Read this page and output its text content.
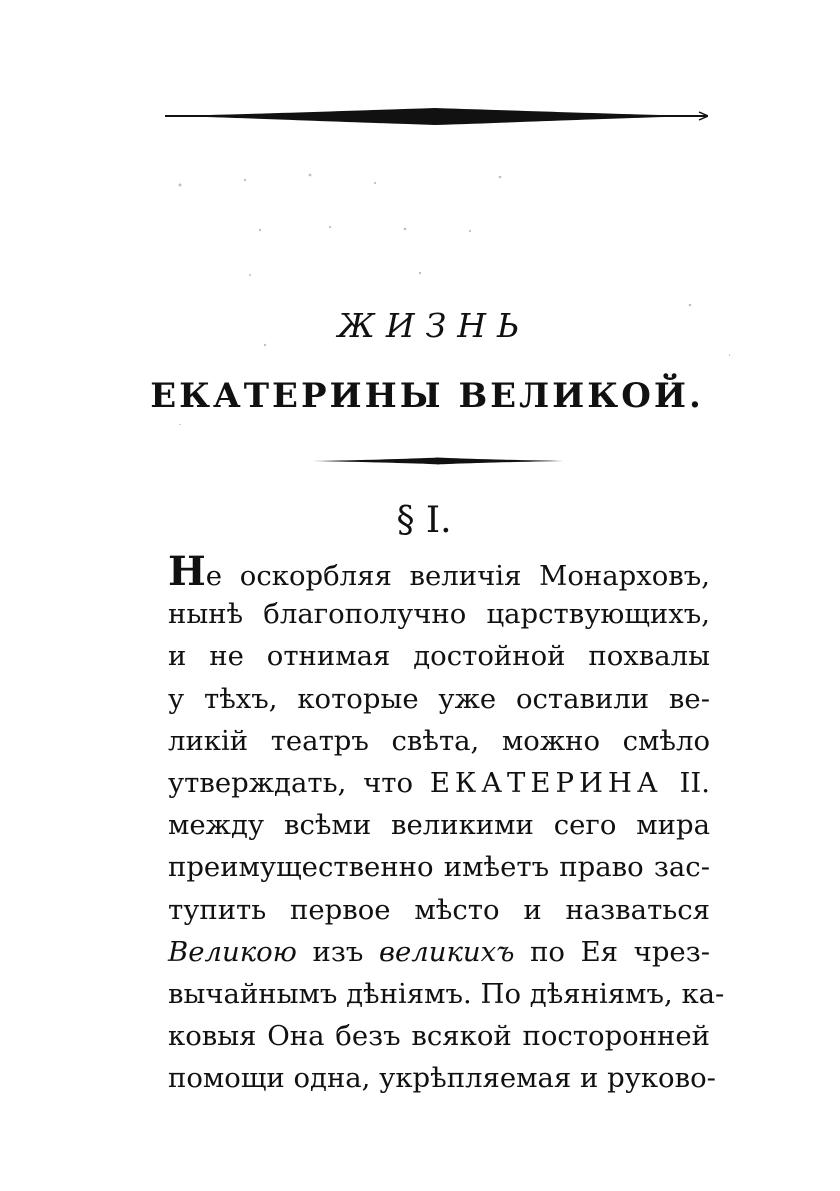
ЖИЗНЬ
ЕКАТЕРИНЫ ВЕЛИКОЙ.
§ I.
Не оскорбляя величія Монарховъ,
нынѣ благополучно царствующихъ,
и не отнимая достойной похвалы
у тѣхъ, которые уже оставили ве-
ликій театръ свѣта, можно смѣло
утверждать, что ЕКАТЕРИНА II.
между всѣми великими сего мира
преимущественно имѣетъ право зас-
тупить первое мѣсто и назваться
Великою изъ великихъ по Ея чрез-
вычайнымъ дѣніямъ. По дѣяніямъ, ка-
ковыя Она безъ всякой посторонней
помощи одна, укрѣпляемая и руково-
